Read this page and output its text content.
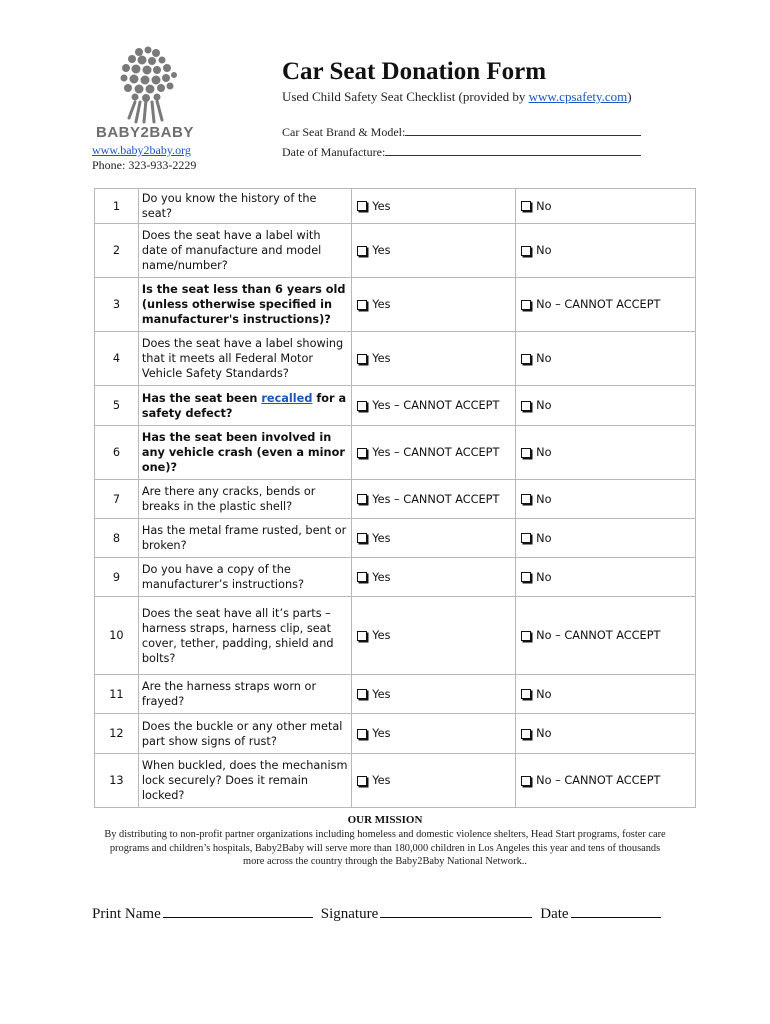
BABY2BABY
www.baby2baby.org
Phone: 323-933-2229
Car Seat Donation Form
Used Child Safety Seat Checklist (provided by www.cpsafety.com)
Car Seat Brand & Model:
Date of Manufacture:
1	Do you know the history of the seat?	Yes	No

2	Does the seat have a label with date of manufacture and model name/number?	Yes	No

3	Is the seat less than 6 years old (unless otherwise specified in manufacturer's instructions)?	Yes	No – CANNOT ACCEPT

4	Does the seat have a label showing that it meets all Federal Motor Vehicle Safety Standards?	Yes	No

5	Has the seat been recalled for a safety defect?	Yes – CANNOT ACCEPT	No

6	Has the seat been involved in any vehicle crash (even a minor one)?	Yes – CANNOT ACCEPT	No

7	Are there any cracks, bends or breaks in the plastic shell?	Yes – CANNOT ACCEPT	No

8	Has the metal frame rusted, bent or broken?	Yes	No

9	Do you have a copy of the manufacturer’s instructions?	Yes	No

10	Does the seat have all it’s parts – harness straps, harness clip, seat cover, tether, padding, shield and bolts?	Yes	No – CANNOT ACCEPT

11	Are the harness straps worn or frayed?	Yes	No

12	Does the buckle or any other metal part show signs of rust?	Yes	No

13	When buckled, does the mechanism lock securely? Does it remain locked?	Yes	No – CANNOT ACCEPT
OUR MISSION
By distributing to non-profit partner organizations including homeless and domestic violence shelters, Head Start programs, foster care programs and children’s hospitals, Baby2Baby will serve more than 180,000 children in Los Angeles this year and tens of thousands more across the country through the Baby2Baby National Network..
Print Name	Signature	Date
